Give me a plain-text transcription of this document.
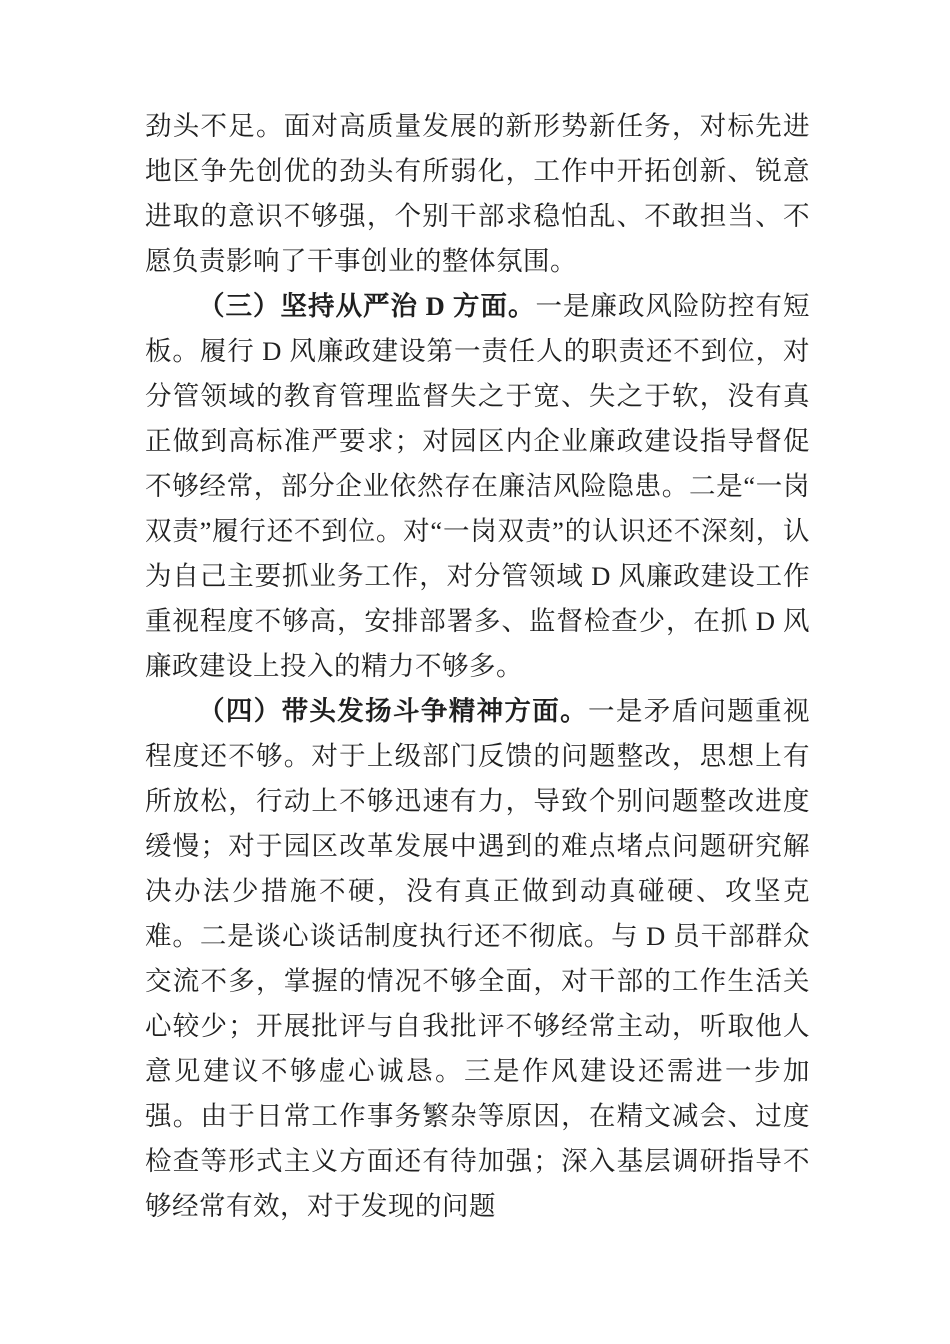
劲头不足。面对高质量发展的新形势新任务，对标先进地区争先创优的劲头有所弱化，工作中开拓创新、锐意进取的意识不够强，个别干部求稳怕乱、不敢担当、不愿负责影响了干事创业的整体氛围。

（三）坚持从严治 D 方面。一是廉政风险防控有短板。履行 D 风廉政建设第一责任人的职责还不到位，对分管领域的教育管理监督失之于宽、失之于软，没有真正做到高标准严要求；对园区内企业廉政建设指导督促不够经常，部分企业依然存在廉洁风险隐患。二是“一岗双责”履行还不到位。对“一岗双责”的认识还不深刻，认为自己主要抓业务工作，对分管领域 D 风廉政建设工作重视程度不够高，安排部署多、监督检查少，在抓 D 风廉政建设上投入的精力不够多。

（四）带头发扬斗争精神方面。一是矛盾问题重视程度还不够。对于上级部门反馈的问题整改，思想上有所放松，行动上不够迅速有力，导致个别问题整改进度缓慢；对于园区改革发展中遇到的难点堵点问题研究解决办法少措施不硬，没有真正做到动真碰硬、攻坚克难。二是谈心谈话制度执行还不彻底。与 D 员干部群众交流不多，掌握的情况不够全面，对干部的工作生活关心较少；开展批评与自我批评不够经常主动，听取他人意见建议不够虚心诚恳。三是作风建设还需进一步加强。由于日常工作事务繁杂等原因，在精文减会、过度检查等形式主义方面还有待加强；深入基层调研指导不够经常有效，对于发现的问题
